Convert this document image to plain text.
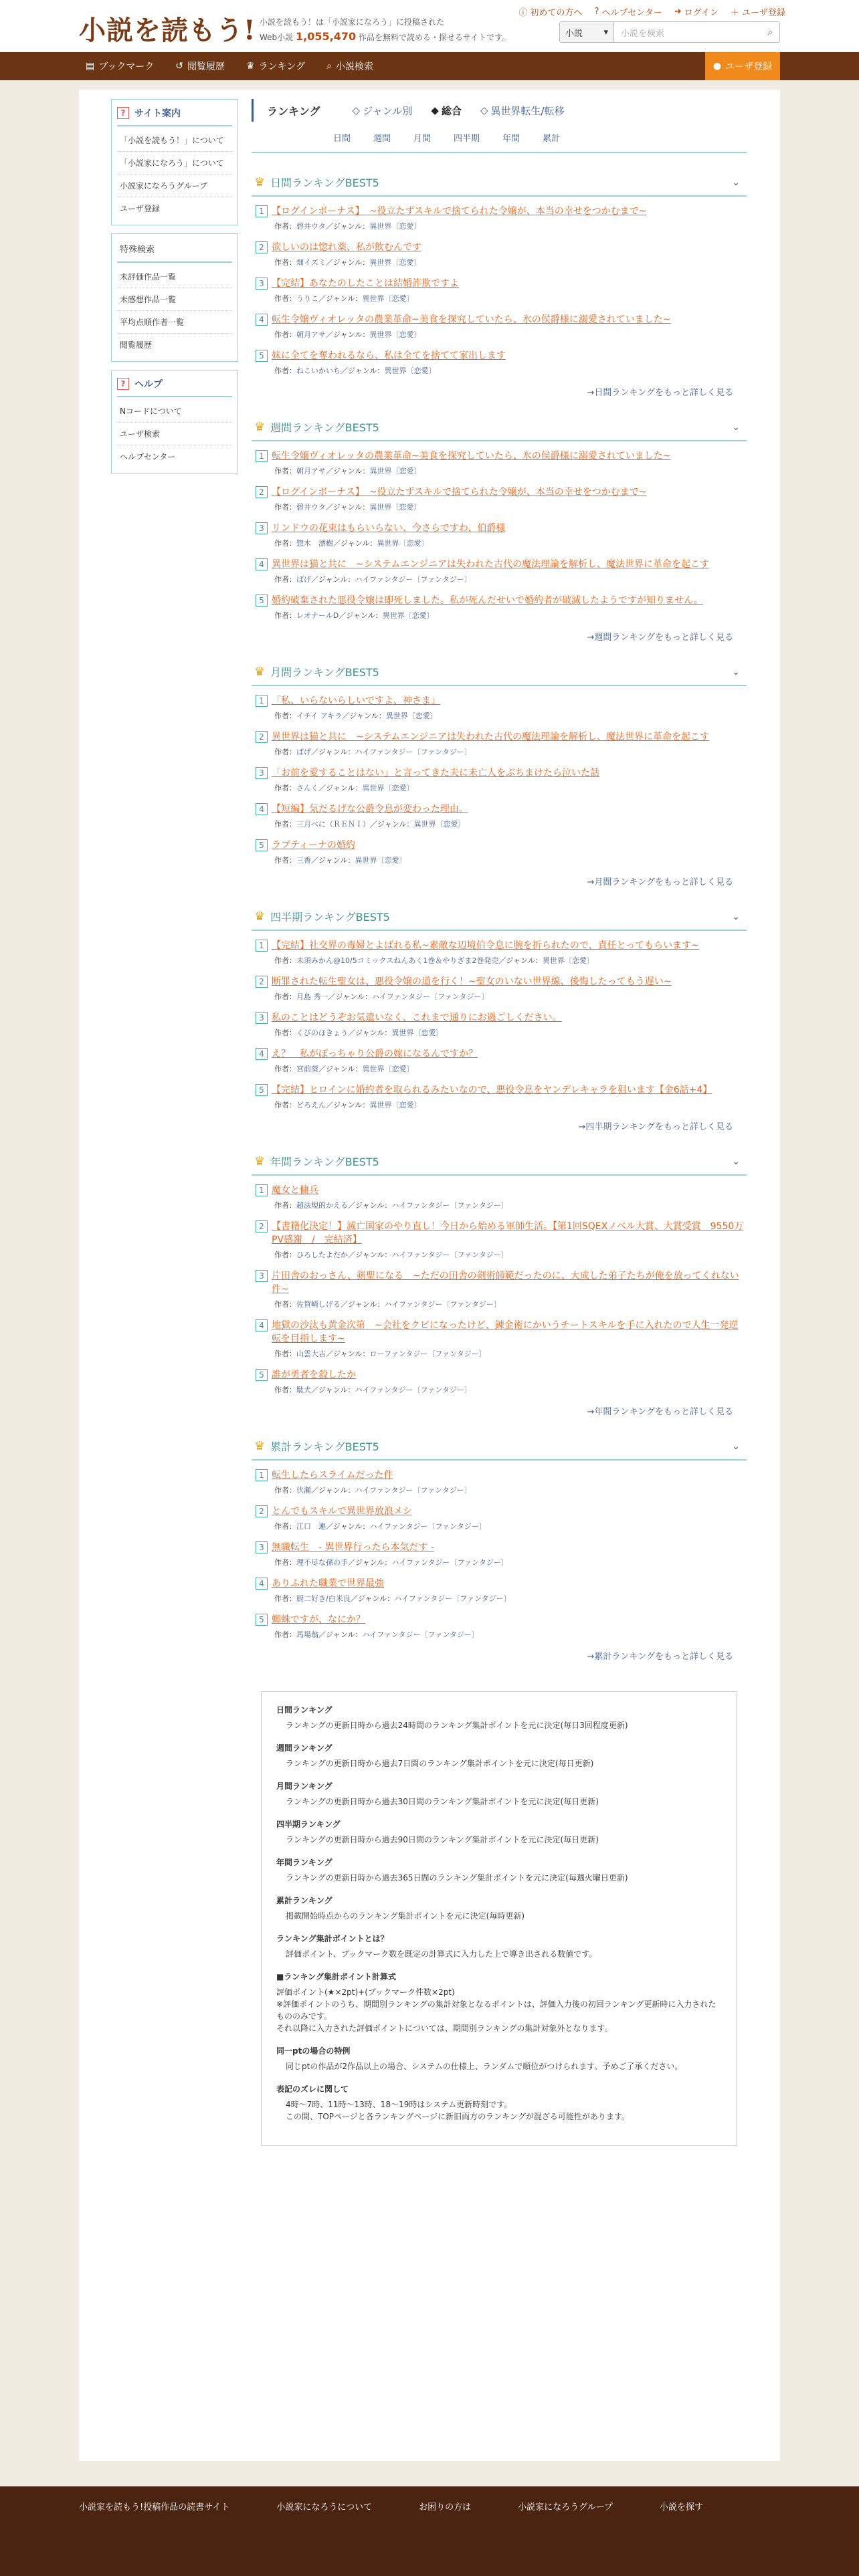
小説を読もう! 小説を読もう！は「小説家になろう」に投稿された
Web小説 1,055,470 作品を無料で読める・探せるサイトです。
ⓘ 初めての方へ ? ヘルプセンター ➜ ログイン ＋ ユーザ登録
小説 ▾ 小説を検索	⌕
▤ ブックマーク ↺ 閲覧履歴 ♛ ランキング ⌕ 小説検索	● ユーザ登録
? サイト案内
「小説を読もう！」について
「小説家になろう」について
小説家になろうグループ
ユーザ登録
特殊検索
未評価作品一覧
未感想作品一覧
平均点順作者一覧
閲覧履歴
? ヘルプ
Nコードについて
ユーザ検索
ヘルプセンター
ランキング	◇ ジャンル別 ◆ 総合 ◇ 異世界転生/転移
日間	週間	月間	四半期	年間	累計
♛ 日間ランキングBEST5	⌄
1 【ログインボーナス】　~役立たずスキルで捨てられた令嬢が、本当の幸せをつかむまで~
作者：碧井ウタ／ジャンル：異世界〔恋愛〕
2 欲しいのは惚れ薬、私が飲むんです
作者：畑イズミ／ジャンル：異世界〔恋愛〕
3 【完結】あなたのしたことは結婚詐欺ですよ
作者：うりこ／ジャンル：異世界〔恋愛〕
4 転生令嬢ヴィオレッタの農業革命~美食を探究していたら、氷の侯爵様に溺愛されていました~
作者：朝月アサ／ジャンル：異世界〔恋愛〕
5 妹に全てを奪われるなら、私は全てを捨てて家出します
作者：ねこいかいち／ジャンル：異世界〔恋愛〕
→日間ランキングをもっと詳しく見る
♛ 週間ランキングBEST5	⌄
1 転生令嬢ヴィオレッタの農業革命~美食を探究していたら、氷の侯爵様に溺愛されていました~
作者：朝月アサ／ジャンル：異世界〔恋愛〕
2 【ログインボーナス】　~役立たずスキルで捨てられた令嬢が、本当の幸せをつかむまで~
作者：碧井ウタ／ジャンル：異世界〔恋愛〕
3 リンドウの花束はもらいらない、今さらですわ、伯爵様
作者：惣木　漂樹／ジャンル：異世界〔恋愛〕
4 異世界は猫と共に　~システムエンジニアは失われた古代の魔法理論を解析し、魔法世界に革命を起こす
作者：ぱげ／ジャンル：ハイファンタジー〔ファンタジー〕
5 婚約破棄された悪役令嬢は即死しました。私が死んだせいで婚約者が破滅したようですが知りません。
作者：レオナールD／ジャンル：異世界〔恋愛〕
→週間ランキングをもっと詳しく見る
♛ 月間ランキングBEST5	⌄
1 「私、いらないらしいですよ、神さま」
作者：イチイ アキラ／ジャンル：異世界〔恋愛〕
2 異世界は猫と共に　~システムエンジニアは失われた古代の魔法理論を解析し、魔法世界に革命を起こす
作者：ぱげ／ジャンル：ハイファンタジー〔ファンタジー〕
3 「お前を愛することはない」と言ってきた夫に未亡人をぶちまけたら泣いた話
作者：さんく／ジャンル：異世界〔恋愛〕
4 【短編】気だるげな公爵令息が変わった理由。
作者：三月べに（ＲＥＮＩ）／ジャンル：異世界〔恋愛〕
5 ラブティーナの婚約
作者：三香／ジャンル：異世界〔恋愛〕
→月間ランキングをもっと詳しく見る
♛ 四半期ランキングBEST5	⌄
1 【完結】社交界の毒婦とよばれる私~素敵な辺境伯令息に腕を折られたので、責任とってもらいます~
作者：未須みかん@10/5コミックスねんあく1巻＆やりざま2巻発売／ジャンル：異世界〔恋愛〕
2 断罪された転生聖女は、悪役令嬢の道を行く！~聖女のいない世界線、後悔したってもう遅い~
作者：月島 秀一／ジャンル：ハイファンタジー〔ファンタジー〕
3 私のことはどうぞお気遣いなく、これまで通りにお過ごしください。
作者：くびのほきょう／ジャンル：異世界〔恋愛〕
4 え？　私がぽっちゃり公爵の嫁になるんですか？
作者：宮前葵／ジャンル：異世界〔恋愛〕
5 【完結】ヒロインに婚約者を取られるみたいなので、悪役令息をヤンデレキャラを狙います【金6話+4】
作者：どろえん／ジャンル：異世界〔恋愛〕
→四半期ランキングをもっと詳しく見る
♛ 年間ランキングBEST5	⌄
1 魔女と傭兵
作者：超法規的かえる／ジャンル：ハイファンタジー〔ファンタジー〕
2 【書籍化決定！】滅亡国家のやり直し！今日から始める軍師生活。【第1回SQEXノベル大賞、大賞受賞　9550万PV感謝　/　完結済】
作者：ひろしたよだか／ジャンル：ハイファンタジー〔ファンタジー〕
3 片田舎のおっさん、剣聖になる　~ただの田舎の剣術師範だったのに、大成した弟子たちが俺を放ってくれない件~
作者：佐賀崎しげる／ジャンル：ハイファンタジー〔ファンタジー〕
4 地獄の沙汰も黄金次第　~会社をクビになったけど、錬金術にかいうチートスキルを手に入れたので人生一発逆転を目指します~
作者：山雲大吉／ジャンル：ローファンタジー〔ファンタジー〕
5 誰が勇者を殺したか
作者：駄犬／ジャンル：ハイファンタジー〔ファンタジー〕
→年間ランキングをもっと詳しく見る
♛ 累計ランキングBEST5	⌄
1 転生したらスライムだった件
作者：伏瀬／ジャンル：ハイファンタジー〔ファンタジー〕
2 とんでもスキルで異世界放浪メシ
作者：江口　連／ジャンル：ハイファンタジー〔ファンタジー〕
3 無職転生　- 異世界行ったら本気だす -
作者：理不尽な孫の手／ジャンル：ハイファンタジー〔ファンタジー〕
4 ありふれた職業で世界最強
作者：厨二好き/白米良／ジャンル：ハイファンタジー〔ファンタジー〕
5 蜘蛛ですが、なにか？
作者：馬場翁／ジャンル：ハイファンタジー〔ファンタジー〕
→累計ランキングをもっと詳しく見る
日間ランキング
ランキングの更新日時から過去24時間のランキング集計ポイントを元に決定(毎日3回程度更新)
週間ランキング
ランキングの更新日時から過去7日間のランキング集計ポイントを元に決定(毎日更新)
月間ランキング
ランキングの更新日時から過去30日間のランキング集計ポイントを元に決定(毎日更新)
四半期ランキング
ランキングの更新日時から過去90日間のランキング集計ポイントを元に決定(毎日更新)
年間ランキング
ランキングの更新日時から過去365日間のランキング集計ポイントを元に決定(毎週火曜日更新)
累計ランキング
掲載開始時点からのランキング集計ポイントを元に決定(毎時更新)
ランキング集計ポイントとは？
評価ポイント、ブックマーク数を既定の計算式に入力した上で導き出される数値です。
■ランキング集計ポイント計算式
評価ポイント(★×2pt)+(ブックマーク件数×2pt)
※評価ポイントのうち、期間別ランキングの集計対象となるポイントは、評価入力後の初回ランキング更新時に入力されたもののみです。
それ以降に入力された評価ポイントについては、期間別ランキングの集計対象外となります。
同一ptの場合の特例
同じptの作品が2作品以上の場合、システムの仕様上、ランダムで順位がつけられます。予めご了承ください。
表記のズレに関して
4時〜7時、11時〜13時、18〜19時はシステム更新時刻です。
この間、TOPページと各ランキングページに新旧両方のランキングが混ざる可能性があります。
小説家を読もう!投稿作品の読書サイト	小説家になろうについて	お困りの方は	小説家になろうグループ	小説を探す
